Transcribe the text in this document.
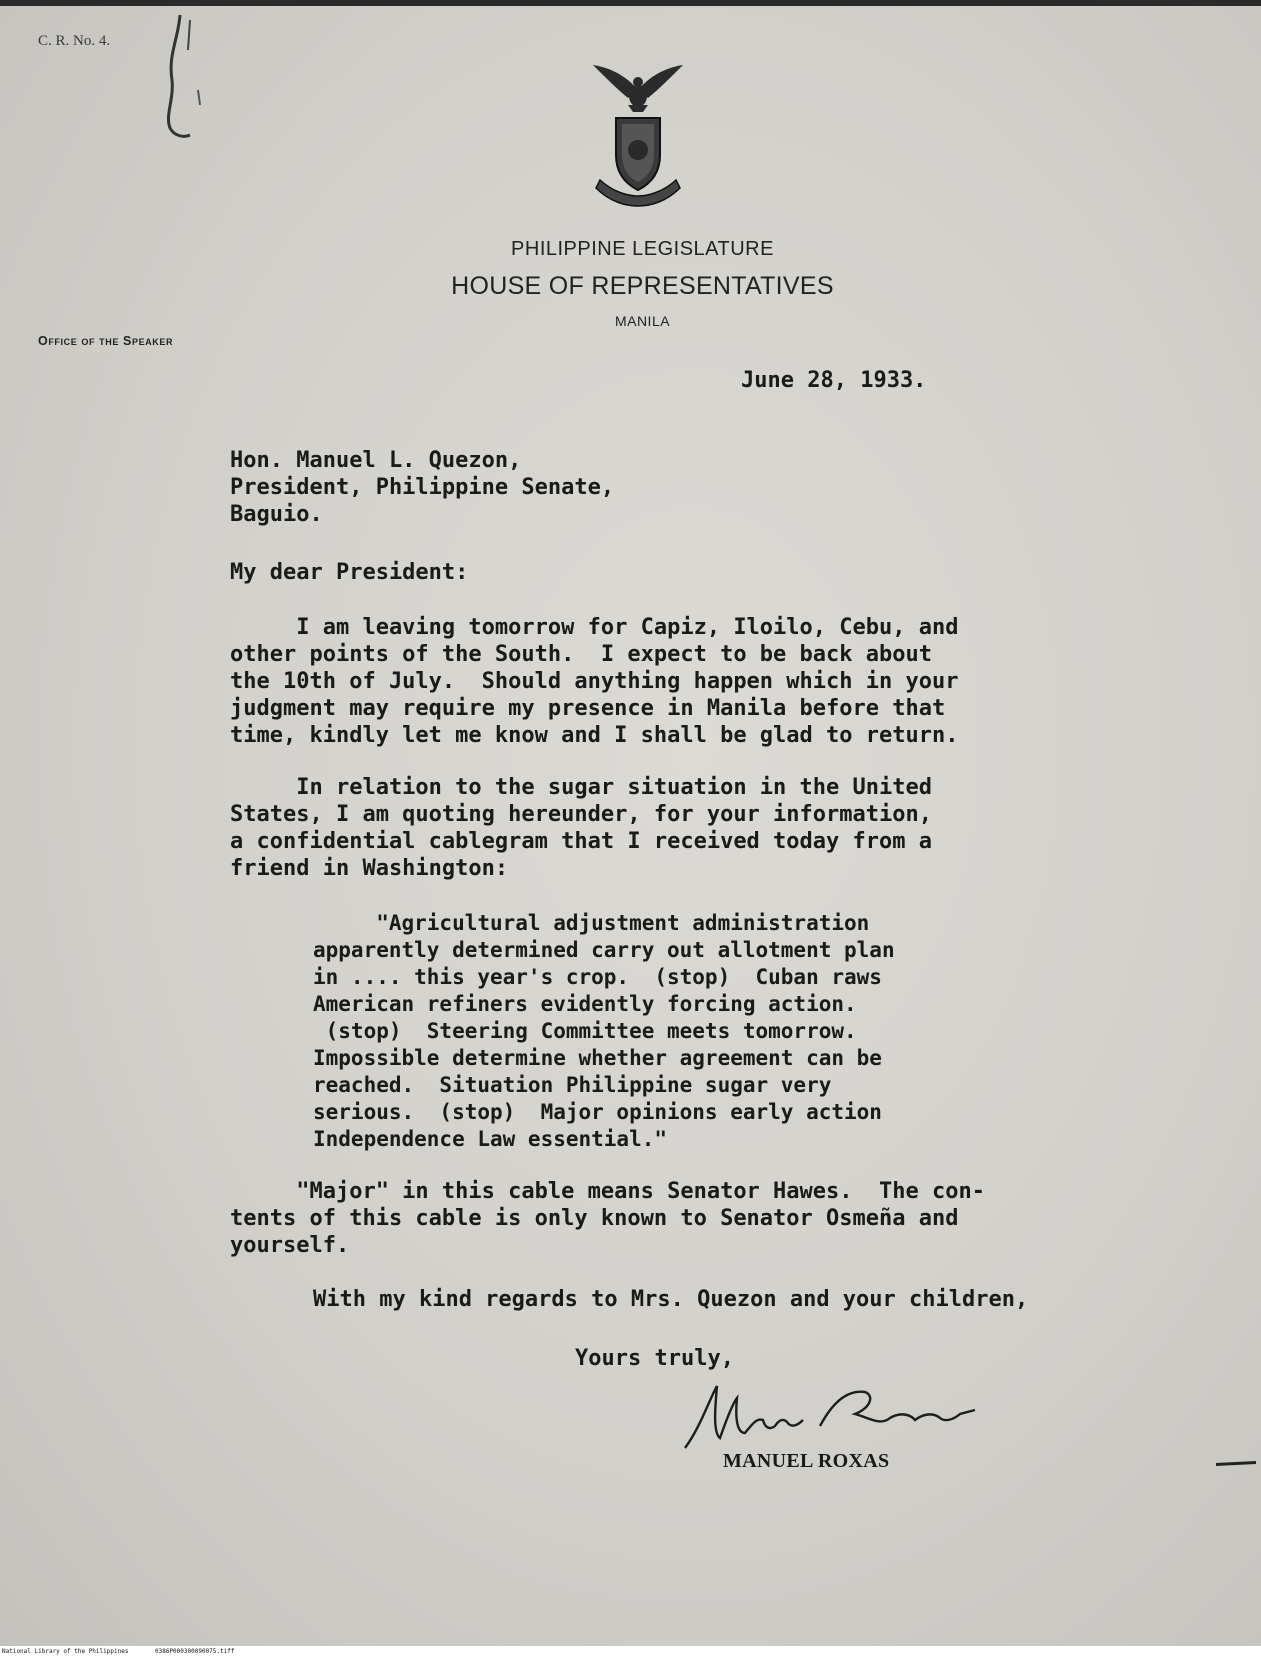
C. R. No. 4.
PHILIPPINE LEGISLATURE
HOUSE OF REPRESENTATIVES
MANILA
Office of the Speaker
June 28, 1933.
Hon. Manuel L. Quezon,
President, Philippine Senate,
Baguio.
My dear President:
I am leaving tomorrow for Capiz, Iloilo, Cebu, and
other points of the South.  I expect to be back about
the 10th of July.  Should anything happen which in your
judgment may require my presence in Manila before that
time, kindly let me know and I shall be glad to return.
In relation to the sugar situation in the United
States, I am quoting hereunder, for your information,
a confidential cablegram that I received today from a
friend in Washington:
"Agricultural adjustment administration
apparently determined carry out allotment plan
in .... this year's crop.  (stop)  Cuban raws
American refiners evidently forcing action.
(stop)  Steering Committee meets tomorrow.
Impossible determine whether agreement can be
reached.  Situation Philippine sugar very
serious.  (stop)  Major opinions early action
Independence Law essential."
"Major" in this cable means Senator Hawes.  The con-
tents of this cable is only known to Senator Osmeña and
yourself.
With my kind regards to Mrs. Quezon and your children,
Yours truly,
MANUEL ROXAS
National Library of the Philippines	0386P000300090075.tiff
